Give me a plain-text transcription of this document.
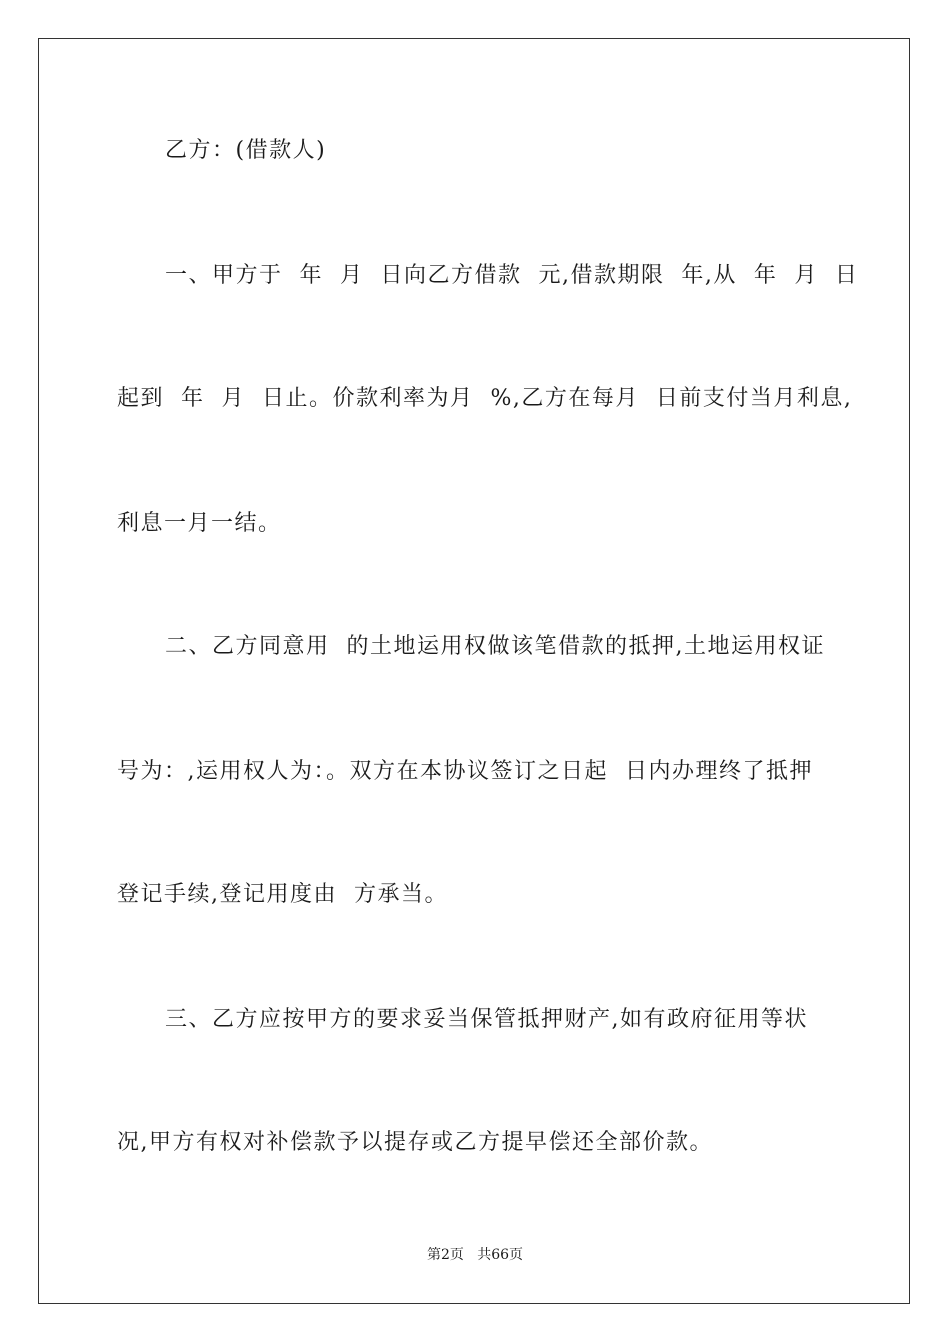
乙方：(借款人)
一、甲方于  年  月  日向乙方借款  元,借款期限  年,从  年  月  日
起到  年  月  日止。价款利率为月  %,乙方在每月  日前支付当月利息,
利息一月一结。
二、乙方同意用  的土地运用权做该笔借款的抵押,土地运用权证
号为：,运用权人为：。双方在本协议签订之日起  日内办理终了抵押
登记手续,登记用度由  方承当。
三、乙方应按甲方的要求妥当保管抵押财产,如有政府征用等状
况,甲方有权对补偿款予以提存或乙方提早偿还全部价款。
第2页   共66页
